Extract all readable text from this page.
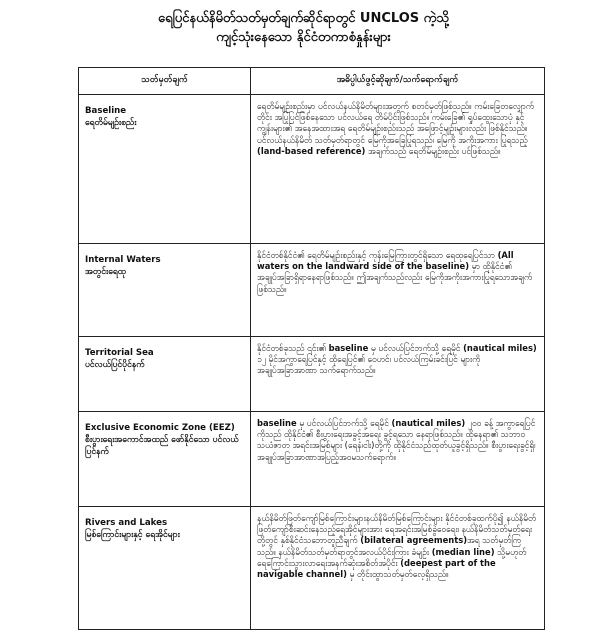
ရေပြင်နယ်နိမိတ်သတ်မှတ်ချက်ဆိုင်ရာတွင် UNCLOS ကဲ့သို့
ကျင့်သုံးနေသော နိုင်ငံတကာစံနှုန်းများ
သတ်မှတ်ချက်	အဓိပ္ပါယ်ဖွင့်ဆိုချက်/သက်ရောက်ချက်

Baseline
ရေတိမ်မျဉ်းစည်း	ရေတိမ်မျဉ်းစည်းမှာ ပင်လယ်နယ်နိမိတ်များအတွက် စတင်မှတ်ဖြစ်သည်။ ကမ်းခြေတလျှောက်တိုင်း အပြုပြင်ဖြစ်နေသော ပင်လယ်ရေ တိမ်ပိုင်းဖြစ်သည်။ ကမ်းခြေ၏ ရှုပ်ထွေးသောပုံ နှင့် ကျွန်းများ၏ အနေအထားအရ ရေတိမ်မျဉ်းစည်းသည် အဖြောင့်မျဉ်းများလည်း ဖြစ်နိုင်သည်။ ပင်လယ်နယ်နိမိတ် သတ်မှတ်ရာတွင် မြေကိုအခြေပြုရသည်၊ မြေကို အကိုးအကား ပြုရသည့် (land-based reference) အချက်သည် ရေတိမ်မျဉ်းစည်း ပင်ဖြစ်သည်။

Internal Waters
အတွင်းရေထု	နိုင်ငံတစ်နိုင်ငံ၏ ရေတိမ်မျဉ်းစည်းနှင့် ကုန်းမြေကြားတွင်ရှိသော ရေထုရေပြင်သာ (All waters on the landward side of the baseline) မှာ ထိုနိုင်ငံ၏ အချုပ်အခြာရှိရာနေရာဖြစ်သည်။ ဤအချက်သည်လည်း မြေကိုအကိုးအကားပြုရသောအချက်ဖြစ်သည်။

Territorial Sea
ပင်လယ်ပြင်ပိုင်နက်	နိုင်ငံတစ်ခုသည် ၎င်း၏ baseline မှ ပင်လယ်ပြင်ဘက်သို့ ရေမိုင် (nautical miles) ၁၂ မိုင်အကွာရေပြင်နှင့် ထိုရေပြင်၏ ဝေဟင်၊ ပင်လယ်ကြမ်းခင်းပြင် များကို အချုပ်အခြာအာဏာ သက်ရောက်သည်။

Exclusive Economic Zone (EEZ)
စီးပွားရေးအကောင်အထည် ဖော်နိုင်သော ပင်လယ်ပြင်နက်	baseline မှ ပင်လယ်ပြင်ဘက်သို့ ရေမိုင် (nautical miles) ၂၀၀ ခန့် အကွာရေပြင်ကိုသည် ထိုနိုင်ငံ၏ စီးပွားရေးအခွင့်အရေး ခွင့်ရသော နေရာဖြစ်သည်။ ထိုနေရာ၏ သဘာဝသယံဇာတ အရင်းအမြစ်များ (ရေနံ၊ငါး)တို့ကို ထိုနိုင်ငံသည်ထုတ်ယူခွင့်ရှိသည်။ စီးပွားရေးခွင့်ရှိ၊ အချုပ်အခြာအာဏာအပြည့်အဝမသက်ရောက်။

Rivers and Lakes
မြစ်ကြောင်းများနှင့် ရေအိုင်များ	နယ်နိမိတ်ဖြတ်ကျော်မြစ်ကြောင်းများနယ်နိမိတ်မြစ်ကြောင်းများ နိုင်ငံတစ်ခုထက်ပို၍ နယ်နိမိတ်ဖြတ်ကျော်စီးဆင်းနေသည့်ရေအိုင်များအား ရေအရင်းအမြစ်ခွဲဝေရေး၊ နယ်နိမိတ်သတ်မှတ်ရေးတို့တွင် နှစ်နိုင်ငံသဘောတူညီချက် (bilateral agreements)အရ သတ်မှတ်ကြသည်။ နယ်နိမိတ်သတ်မှတ်ရာတွင်အလယ်ပိုင်းကြား ခံမျဉ်း (median line) သို့မဟုတ် ရေကြောင်းသွားလာရေးအနက်ဆုံးအစိတ်အပိုင်း (deepest part of the navigable channel) မှ တိုင်းထွာသတ်မှတ်လေ့ရှိသည်။
